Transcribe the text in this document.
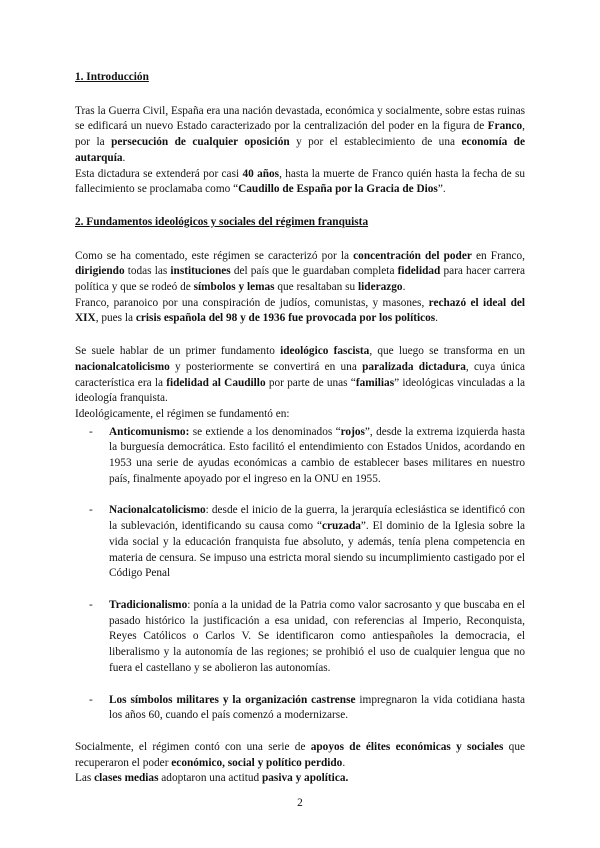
1. Introducción

Tras la Guerra Civil, España era una nación devastada, económica y socialmente, sobre estas ruinas se edificará un nuevo Estado caracterizado por la centralización del poder en la figura de Franco, por la persecución de cualquier oposición y por el establecimiento de una economía de autarquía.

Esta dictadura se extenderá por casi 40 años, hasta la muerte de Franco quién hasta la fecha de su fallecimiento se proclamaba como “Caudillo de España por la Gracia de Dios”.

2. Fundamentos ideológicos y sociales del régimen franquista

Como se ha comentado, este régimen se caracterizó por la concentración del poder en Franco, dirigiendo todas las instituciones del país que le guardaban completa fidelidad para hacer carrera política y que se rodeó de símbolos y lemas que resaltaban su liderazgo.

Franco, paranoico por una conspiración de judíos, comunistas, y masones, rechazó el ideal del XIX, pues la crisis española del 98 y de 1936 fue provocada por los políticos.

Se suele hablar de un primer fundamento ideológico fascista, que luego se transforma en un nacionalcatolicismo y posteriormente se convertirá en una paralizada dictadura, cuya única característica era la fidelidad al Caudillo por parte de unas “familias” ideológicas vinculadas a la ideología franquista.

Ideológicamente, el régimen se fundamentó en:

- Anticomunismo: se extiende a los denominados “rojos”, desde la extrema izquierda hasta la burguesía democrática. Esto facilitó el entendimiento con Estados Unidos, acordando en 1953 una serie de ayudas económicas a cambio de establecer bases militares en nuestro país, finalmente apoyado por el ingreso en la ONU en 1955.
- Nacionalcatolicismo: desde el inicio de la guerra, la jerarquía eclesiástica se identificó con la sublevación, identificando su causa como “cruzada”. El dominio de la Iglesia sobre la vida social y la educación franquista fue absoluto, y además, tenía plena competencia en materia de censura. Se impuso una estricta moral siendo su incumplimiento castigado por el Código Penal
- Tradicionalismo: ponía a la unidad de la Patria como valor sacrosanto y que buscaba en el pasado histórico la justificación a esa unidad, con referencias al Imperio, Reconquista, Reyes Católicos o Carlos V. Se identificaron como antiespañoles la democracia, el liberalismo y la autonomía de las regiones; se prohibió el uso de cualquier lengua que no fuera el castellano y se abolieron las autonomías.
- Los símbolos militares y la organización castrense impregnaron la vida cotidiana hasta los años 60, cuando el país comenzó a modernizarse.

Socialmente, el régimen contó con una serie de apoyos de élites económicas y sociales que recuperaron el poder económico, social y político perdido.

Las clases medias adoptaron una actitud pasiva y apolítica.

2
